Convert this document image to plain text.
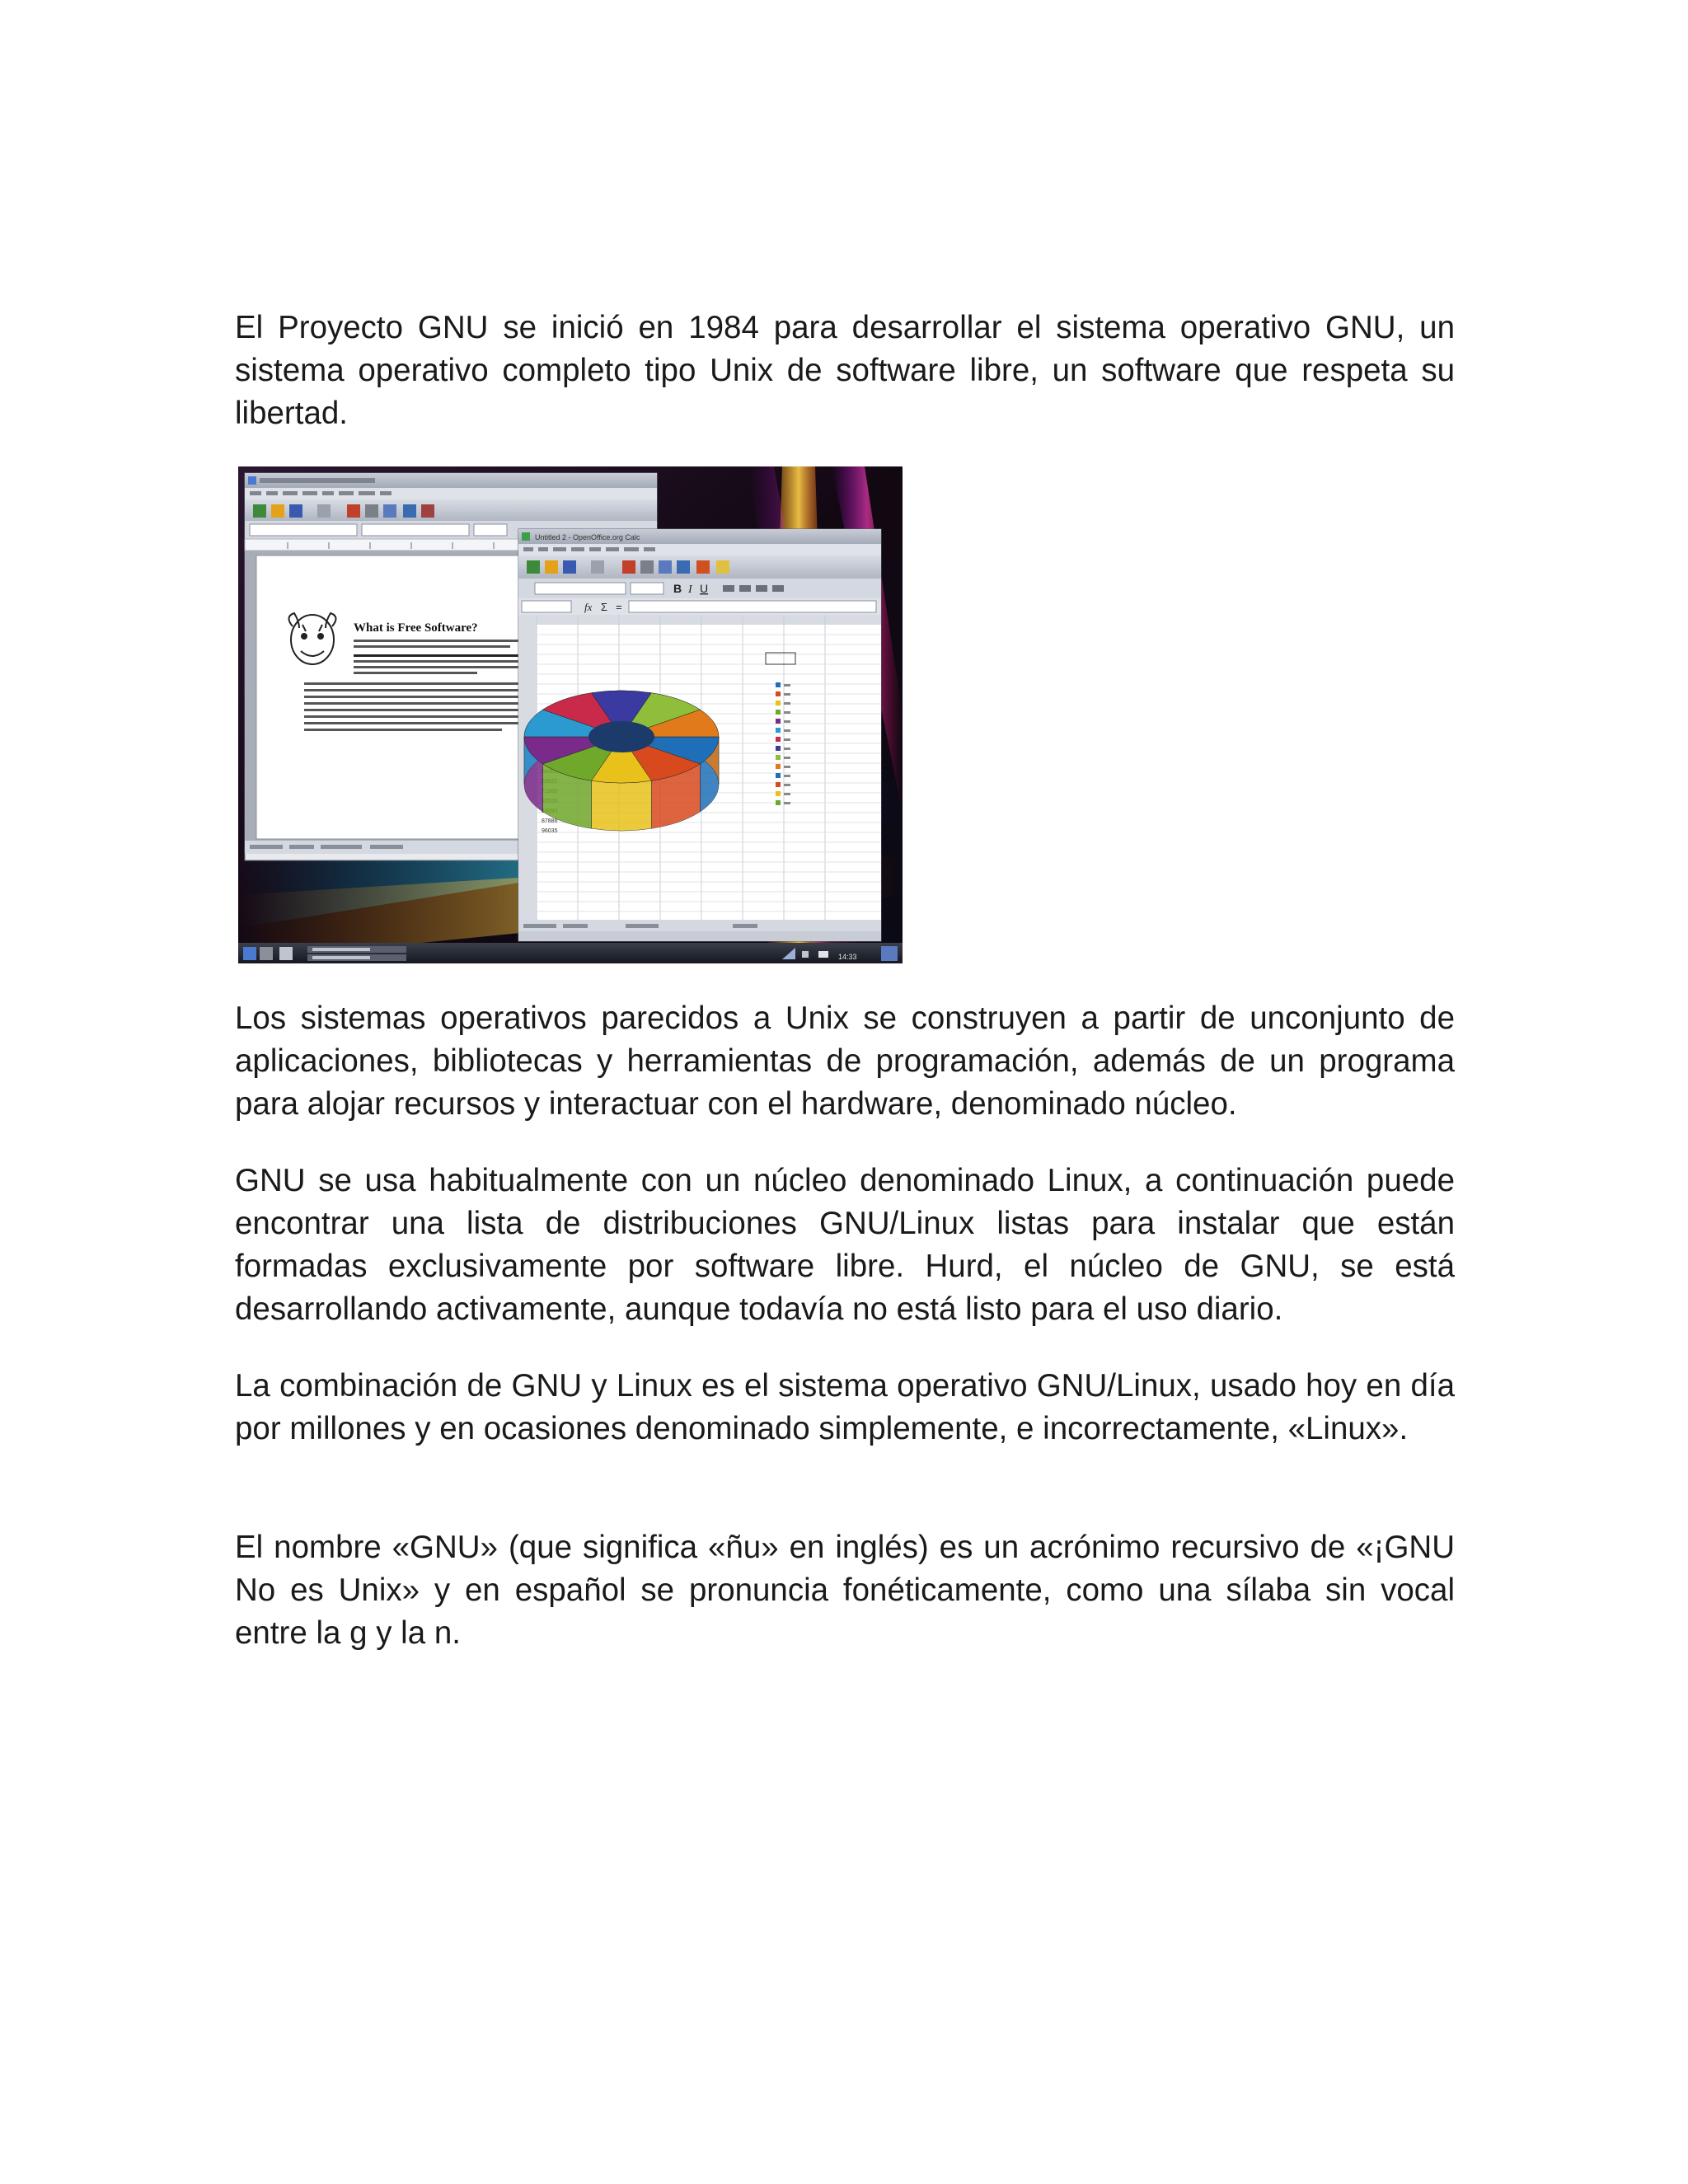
El Proyecto GNU se inició en 1984 para desarrollar el sistema operativo GNU, un sistema operativo completo tipo Unix de software libre, un software que respeta su libertad.

What is Free Software?
Untitled 2 - OpenOffice.org Calc
B I U
fx Σ =
87886
96035
14:33

Los sistemas operativos parecidos a Unix se construyen a partir de unconjunto de aplicaciones, bibliotecas y herramientas de programación, además de un programa para alojar recursos y interactuar con el hardware, denominado núcleo.

GNU se usa habitualmente con un núcleo denominado Linux, a continuación puede encontrar una lista de distribuciones GNU/Linux listas para instalar que están formadas exclusivamente por software libre. Hurd, el núcleo de GNU, se está desarrollando activamente, aunque todavía no está listo para el uso diario.

La combinación de GNU y Linux es el sistema operativo GNU/Linux, usado hoy en día por millones y en ocasiones denominado simplemente, e incorrectamente, «Linux».

El nombre «GNU» (que significa «ñu» en inglés) es un acrónimo recursivo de «¡GNU No es Unix» y en español se pronuncia fonéticamente, como una sílaba sin vocal entre la g y la n.
